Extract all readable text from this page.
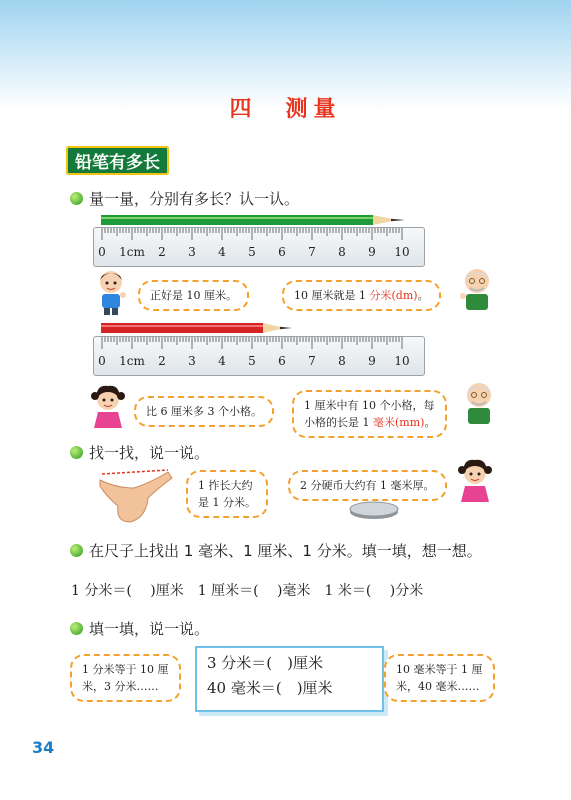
四　测量
铅笔有多长
量一量，分别有多长？认一认。
0 1cm 2 3 4 5 6 7 8 9 10
正好是 10 厘米。	10 厘米就是 1 分米(dm)。
0 1cm 2 3 4 5 6 7 8 9 10
比 6 厘米多 3 个小格。	1 厘米中有 10 个小格，每
小格的长是 1 毫米(mm)。
找一找，说一说。
1 拃长大约
是 1 分米。
2 分硬币大约有 1 毫米厚。
在尺子上找出 1 毫米、1 厘米、1 分米。填一填，想一想。
1 分米＝(　 )厘米　1 厘米＝(　 )毫米　1 米＝(　 )分米
填一填，说一说。
1 分米等于 10 厘
米，3 分米……
3 分米＝(　)厘米
40 毫米＝(　)厘米
10 毫米等于 1 厘
米，40 毫米……
34
